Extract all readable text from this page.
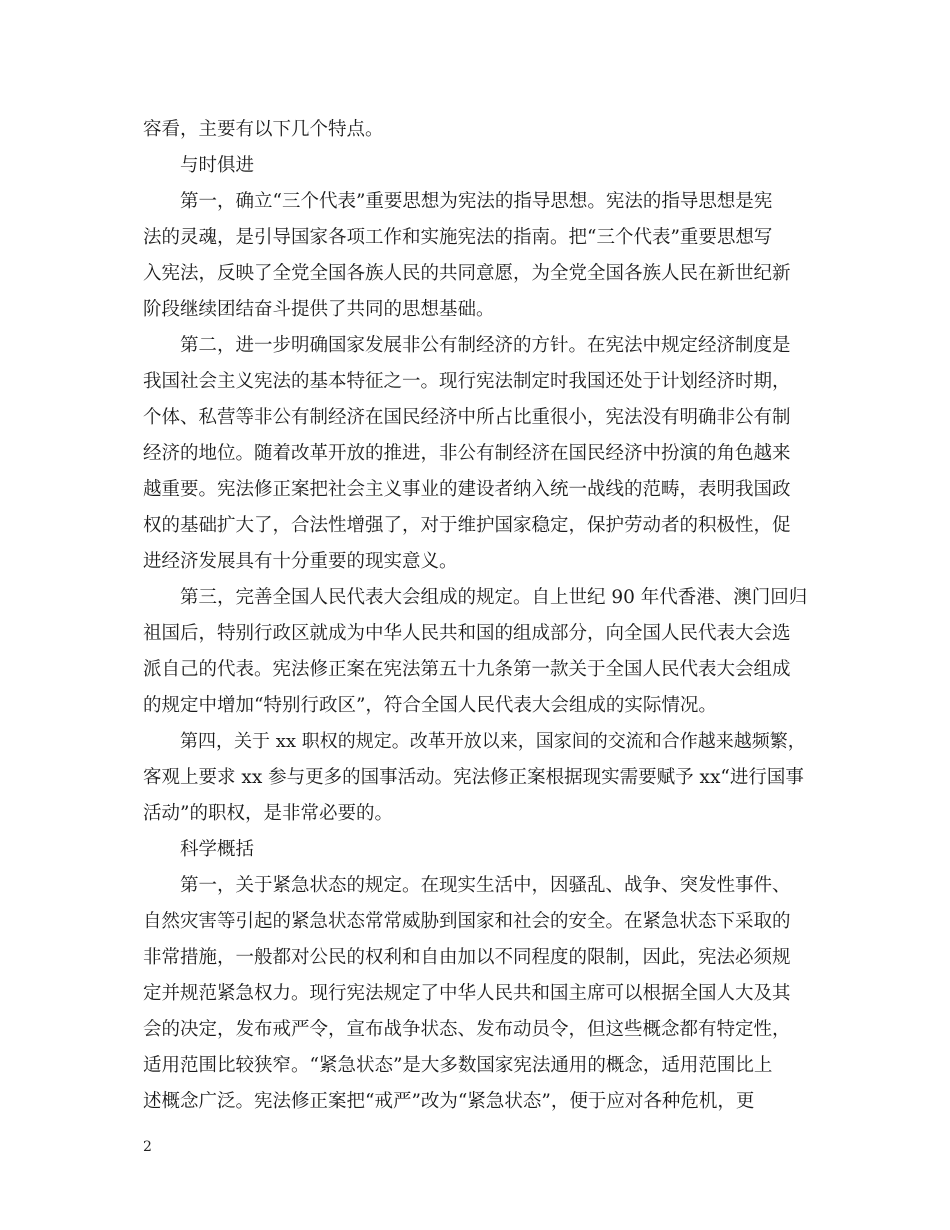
容看，主要有以下几个特点。
与时俱进
第一，确立“三个代表”重要思想为宪法的指导思想。宪法的指导思想是宪
法的灵魂，是引导国家各项工作和实施宪法的指南。把“三个代表”重要思想写
入宪法，反映了全党全国各族人民的共同意愿，为全党全国各族人民在新世纪新
阶段继续团结奋斗提供了共同的思想基础。
第二，进一步明确国家发展非公有制经济的方针。在宪法中规定经济制度是
我国社会主义宪法的基本特征之一。现行宪法制定时我国还处于计划经济时期，
个体、私营等非公有制经济在国民经济中所占比重很小，宪法没有明确非公有制
经济的地位。随着改革开放的推进，非公有制经济在国民经济中扮演的角色越来
越重要。宪法修正案把社会主义事业的建设者纳入统一战线的范畴，表明我国政
权的基础扩大了，合法性增强了，对于维护国家稳定，保护劳动者的积极性，促
进经济发展具有十分重要的现实意义。
第三，完善全国人民代表大会组成的规定。自上世纪 90 年代香港、澳门回归
祖国后，特别行政区就成为中华人民共和国的组成部分，向全国人民代表大会选
派自己的代表。宪法修正案在宪法第五十九条第一款关于全国人民代表大会组成
的规定中增加“特别行政区”，符合全国人民代表大会组成的实际情况。
第四，关于 xx 职权的规定。改革开放以来，国家间的交流和合作越来越频繁，
客观上要求 xx 参与更多的国事活动。宪法修正案根据现实需要赋予 xx“进行国事
活动”的职权，是非常必要的。
科学概括
第一，关于紧急状态的规定。在现实生活中，因骚乱、战争、突发性事件、
自然灾害等引起的紧急状态常常威胁到国家和社会的安全。在紧急状态下采取的
非常措施，一般都对公民的权利和自由加以不同程度的限制，因此，宪法必须规
定并规范紧急权力。现行宪法规定了中华人民共和国主席可以根据全国人大及其
会的决定，发布戒严令，宣布战争状态、发布动员令，但这些概念都有特定性，
适用范围比较狭窄。“紧急状态”是大多数国家宪法通用的概念，适用范围比上
述概念广泛。宪法修正案把“戒严”改为“紧急状态”，便于应对各种危机，更
2
